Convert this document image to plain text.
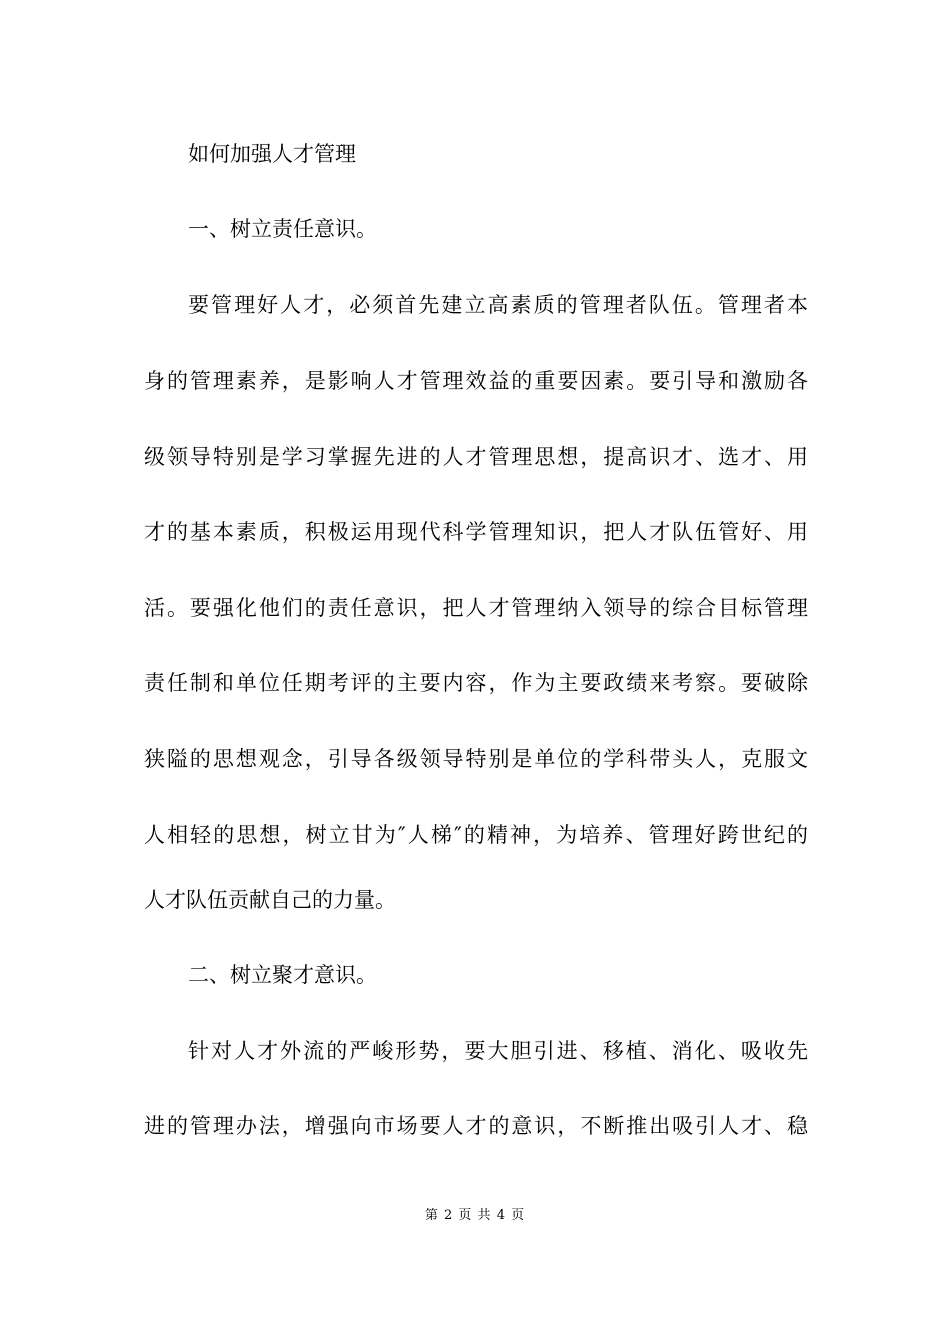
如何加强人才管理
一、树立责任意识。
要管理好人才，必须首先建立高素质的管理者队伍。管理者本
身的管理素养，是影响人才管理效益的重要因素。要引导和激励各
级领导特别是学习掌握先进的人才管理思想，提高识才、选才、用
才的基本素质，积极运用现代科学管理知识，把人才队伍管好、用
活。要强化他们的责任意识，把人才管理纳入领导的综合目标管理
责任制和单位任期考评的主要内容，作为主要政绩来考察。要破除
狭隘的思想观念，引导各级领导特别是单位的学科带头人，克服文
人相轻的思想，树立甘为″人梯″的精神，为培养、管理好跨世纪的
人才队伍贡献自己的力量。
二、树立聚才意识。
针对人才外流的严峻形势，要大胆引进、移植、消化、吸收先
进的管理办法，增强向市场要人才的意识，不断推出吸引人才、稳
第 2 页 共 4 页
